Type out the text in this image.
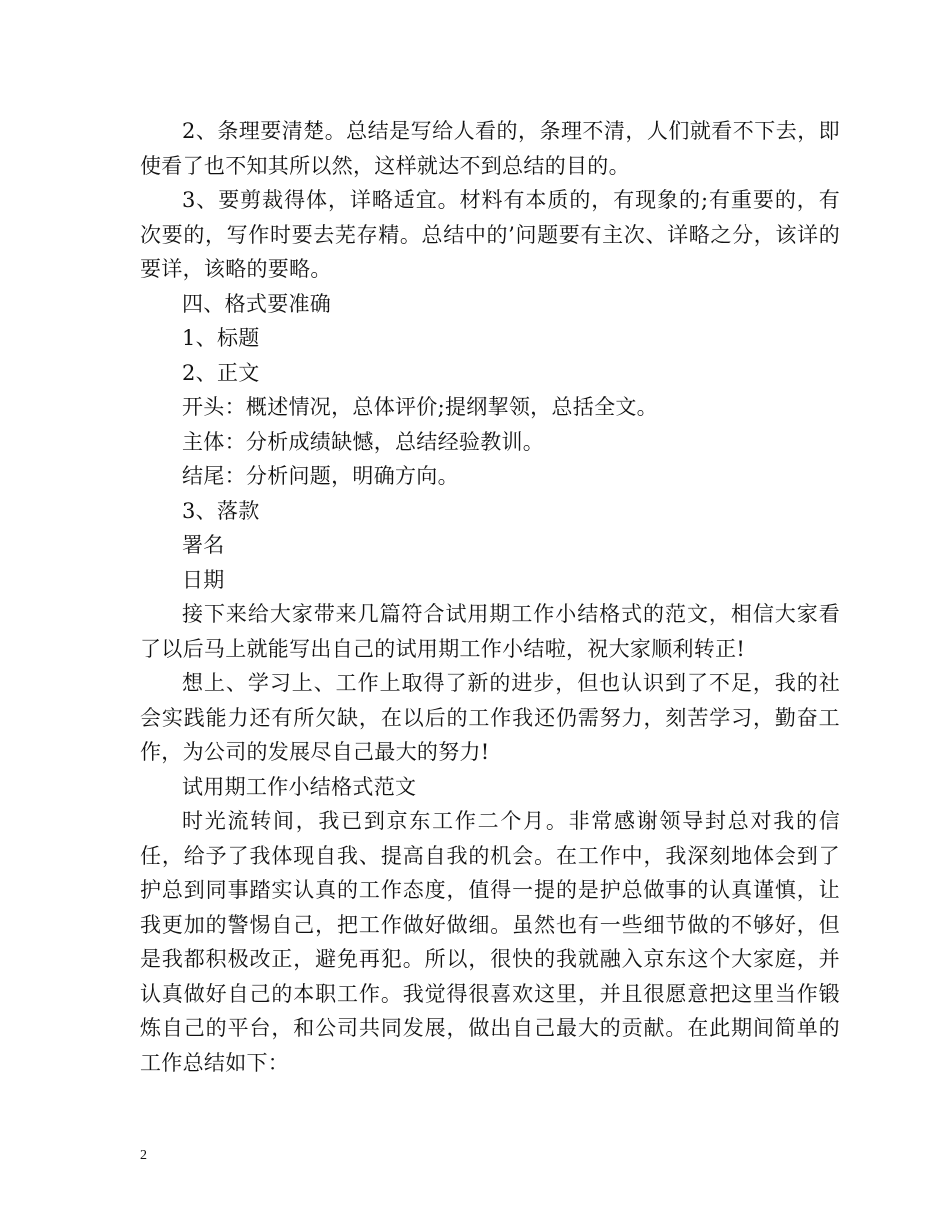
2、条理要清楚。总结是写给人看的，条理不清，人们就看不下去，即使看了也不知其所以然，这样就达不到总结的目的。

3、要剪裁得体，详略适宜。材料有本质的，有现象的;有重要的，有次要的，写作时要去芜存精。总结中的’问题要有主次、详略之分，该详的要详，该略的要略。

四、格式要准确

1、标题

2、正文

开头：概述情况，总体评价;提纲挈领，总括全文。

主体：分析成绩缺憾，总结经验教训。

结尾：分析问题，明确方向。

3、落款

署名

日期

接下来给大家带来几篇符合试用期工作小结格式的范文，相信大家看了以后马上就能写出自己的试用期工作小结啦，祝大家顺利转正!

想上、学习上、工作上取得了新的进步，但也认识到了不足，我的社会实践能力还有所欠缺，在以后的工作我还仍需努力，刻苦学习，勤奋工作，为公司的发展尽自己最大的努力!

试用期工作小结格式范文

时光流转间，我已到京东工作二个月。非常感谢领导封总对我的信任，给予了我体现自我、提高自我的机会。在工作中，我深刻地体会到了护总到同事踏实认真的工作态度，值得一提的是护总做事的认真谨慎，让我更加的警惕自己，把工作做好做细。虽然也有一些细节做的不够好，但是我都积极改正，避免再犯。所以，很快的我就融入京东这个大家庭，并认真做好自己的本职工作。我觉得很喜欢这里，并且很愿意把这里当作锻炼自己的平台，和公司共同发展，做出自己最大的贡献。在此期间简单的工作总结如下：

2
